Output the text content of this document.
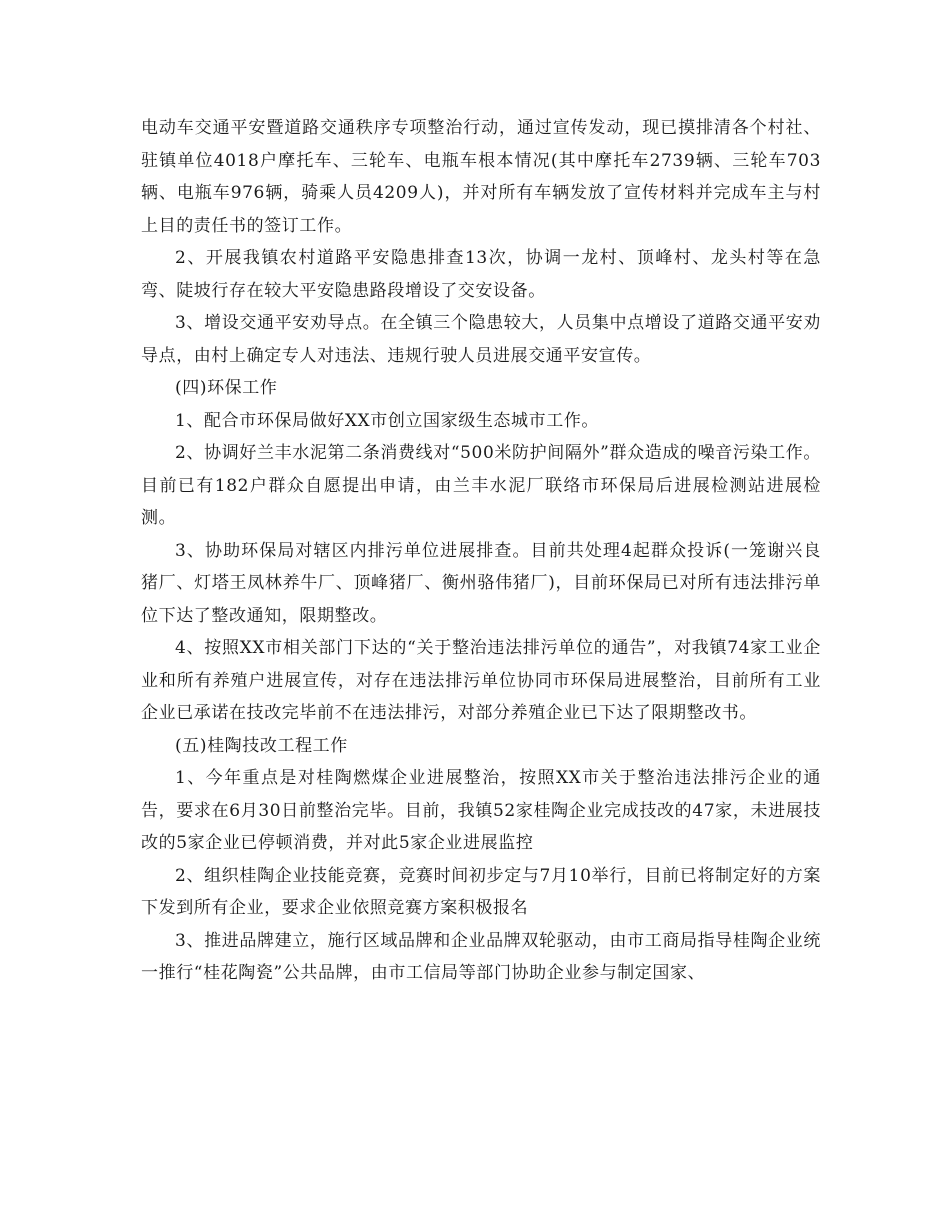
电动车交通平安暨道路交通秩序专项整治行动，通过宣传发动，现已摸排清各个村社、驻镇单位4018户摩托车、三轮车、电瓶车根本情况(其中摩托车2739辆、三轮车703辆、电瓶车976辆，骑乘人员4209人)，并对所有车辆发放了宣传材料并完成车主与村上目的责任书的签订工作。

2、开展我镇农村道路平安隐患排查13次，协调一龙村、顶峰村、龙头村等在急弯、陡坡行存在较大平安隐患路段增设了交安设备。

3、增设交通平安劝导点。在全镇三个隐患较大，人员集中点增设了道路交通平安劝导点，由村上确定专人对违法、违规行驶人员进展交通平安宣传。

(四)环保工作

1、配合市环保局做好XX市创立国家级生态城市工作。

2、协调好兰丰水泥第二条消费线对“500米防护间隔外”群众造成的噪音污染工作。目前已有182户群众自愿提出申请，由兰丰水泥厂联络市环保局后进展检测站进展检测。

3、协助环保局对辖区内排污单位进展排查。目前共处理4起群众投诉(一笼谢兴良猪厂、灯塔王凤林养牛厂、顶峰猪厂、衡州骆伟猪厂)，目前环保局已对所有违法排污单位下达了整改通知，限期整改。

4、按照XX市相关部门下达的“关于整治违法排污单位的通告”，对我镇74家工业企业和所有养殖户进展宣传，对存在违法排污单位协同市环保局进展整治，目前所有工业企业已承诺在技改完毕前不在违法排污，对部分养殖企业已下达了限期整改书。

(五)桂陶技改工程工作

1、今年重点是对桂陶燃煤企业进展整治，按照XX市关于整治违法排污企业的通告，要求在6月30日前整治完毕。目前，我镇52家桂陶企业完成技改的47家，未进展技改的5家企业已停顿消费，并对此5家企业进展监控

2、组织桂陶企业技能竞赛，竞赛时间初步定与7月10举行，目前已将制定好的方案下发到所有企业，要求企业依照竞赛方案积极报名

3、推进品牌建立，施行区域品牌和企业品牌双轮驱动，由市工商局指导桂陶企业统一推行“桂花陶瓷”公共品牌，由市工信局等部门协助企业参与制定国家、
